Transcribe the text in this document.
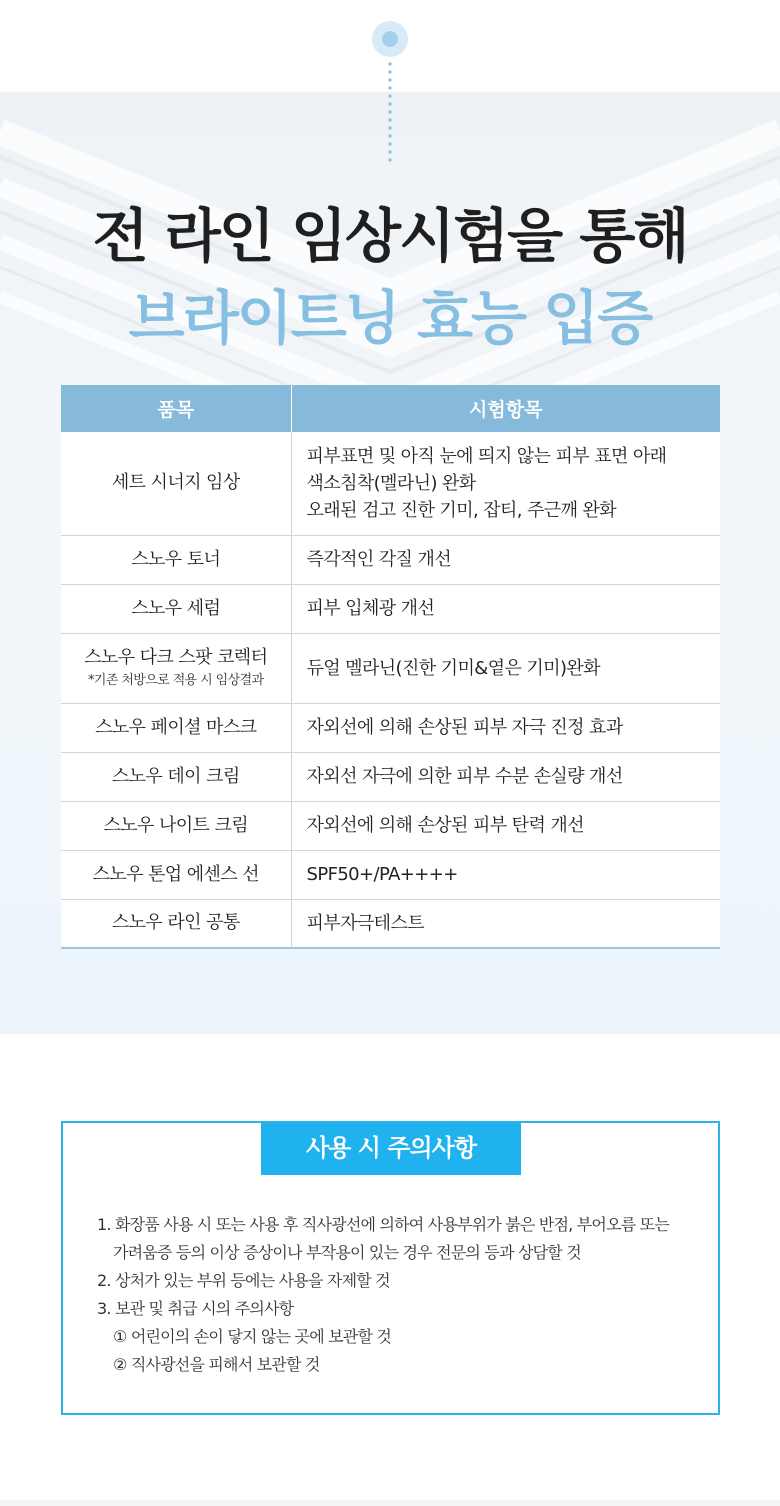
전 라인 임상시험을 통해
브라이트닝 효능 입증
품목	시험항목

세트 시너지 임상	피부표면 및 아직 눈에 띄지 않는 피부 표면 아래
색소침착(멜라닌) 완화
오래된 검고 진한 기미, 잡티, 주근깨 완화

스노우 토너	즉각적인 각질 개선

스노우 세럼	피부 입체광 개선

스노우 다크 스팟 코렉터
*기존 처방으로 적용 시 임상결과	듀얼 멜라닌(진한 기미&옅은 기미)완화

스노우 페이셜 마스크	자외선에 의해 손상된 피부 자극 진정 효과

스노우 데이 크림	자외선 자극에 의한 피부 수분 손실량 개선

스노우 나이트 크림	자외선에 의해 손상된 피부 탄력 개선

스노우 톤업 에센스 선	SPF50+/PA++++

스노우 라인 공통	피부자극테스트
사용 시 주의사항
1. 화장품 사용 시 또는 사용 후 직사광선에 의하여 사용부위가 붉은 반점, 부어오름 또는
가려움증 등의 이상 증상이나 부작용이 있는 경우 전문의 등과 상담할 것
2. 상처가 있는 부위 등에는 사용을 자제할 것
3. 보관 및 취급 시의 주의사항
① 어린이의 손이 닿지 않는 곳에 보관할 것
② 직사광선을 피해서 보관할 것
